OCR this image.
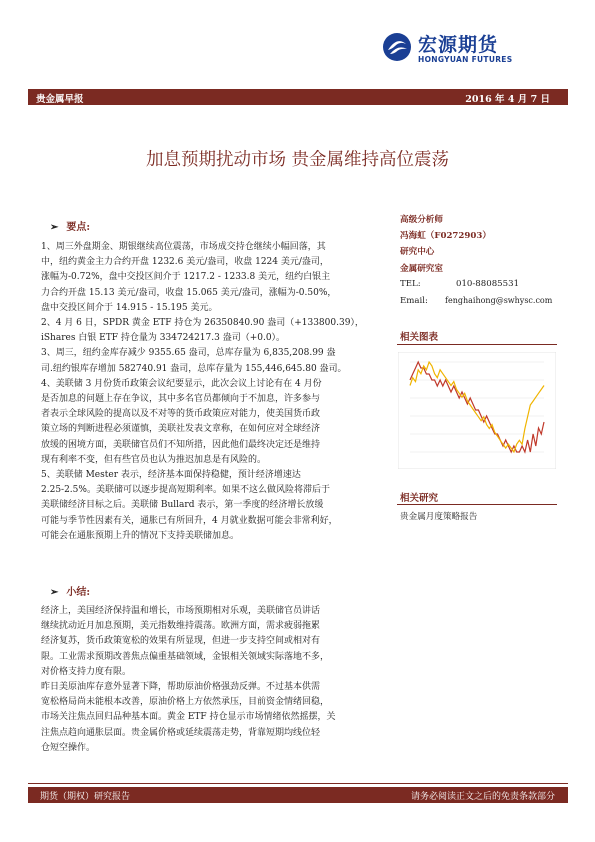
宏源期货
HONGYUAN FUTURES
贵金属早报	2016 年 4 月 7 日
加息预期扰动市场 贵金属维持高位震荡
➢ 要点:
1、周三外盘期金、期银继续高位震荡，市场成交持仓继续小幅回落，其
中，纽约黄金主力合约开盘 1232.6 美元/盎司，收盘 1224 美元/盎司，
涨幅为-0.72%，盘中交投区间介于 1217.2 - 1233.8 美元，纽约白银主
力合约开盘 15.13 美元/盎司，收盘 15.065 美元/盎司，涨幅为-0.50%，
盘中交投区间介于 14.915 - 15.195 美元。
2、4 月 6 日，SPDR 黄金 ETF 持仓为 26350840.90 盎司（+133800.39），
iShares 白银 ETF 持仓量为 334724217.3 盎司（+0.0）。
3、周三，纽约金库存减少 9355.65 盎司，总库存量为 6,835,208.99 盎
司.纽约银库存增加 582740.91 盎司，总库存量为 155,446,645.80 盎司。
4、美联储 3 月份货币政策会议纪要显示，此次会议上讨论有在 4 月份
是否加息的问题上存在争议，其中多名官员都倾向于不加息，许多参与
者表示全球风险的提高以及不对等的货币政策应对能力，使美国货币政
策立场的判断进程必须谨慎，美联社发表文章称，在如何应对全球经济
放缓的困境方面，美联储官员们不知所措，因此他们最终决定还是维持
现有利率不变，但有些官员也认为推迟加息是有风险的。
5、美联储 Mester 表示，经济基本面保持稳健，预计经济增速达
2.25-2.5%。美联储可以逐步提高短期利率。如果不这么做风险将滞后于
美联储经济目标之后。美联储 Bullard 表示，第一季度的经济增长放缓
可能与季节性因素有关，通胀已有所回升，4 月就业数据可能会非常利好，
可能会在通胀预期上升的情况下支持美联储加息。
➢ 小结:
经济上，美国经济保持温和增长，市场预期相对乐观，美联储官员讲话
继续扰动近月加息预期，美元指数维持震荡。欧洲方面，需求疲弱拖累
经济复苏，货币政策宽松的效果有所显现，但进一步支持空间或相对有
限。工业需求预期改善焦点偏重基础领域，金银相关领域实际落地不多，
对价格支持力度有限。
昨日美原油库存意外显著下降，帮助原油价格强劲反弹。不过基本供需
宽松格局尚未能根本改善，原油价格上方依然承压，目前资金情绪回稳，
市场关注焦点回归品种基本面。黄金 ETF 持仓显示市场情绪依然摇摆，关
注焦点趋向通胀层面。贵金属价格或延续震荡走势，背靠短期均线位轻
仓短空操作。
高级分析师
冯海虹（F0272903）
研究中心
金属研究室
TEL:	010-88085531
Email: fenghaihong@swhysc.com
相关图表
相关研究
贵金属月度策略报告
期货（期权）研究报告	请务必阅读正文之后的免责条款部分
